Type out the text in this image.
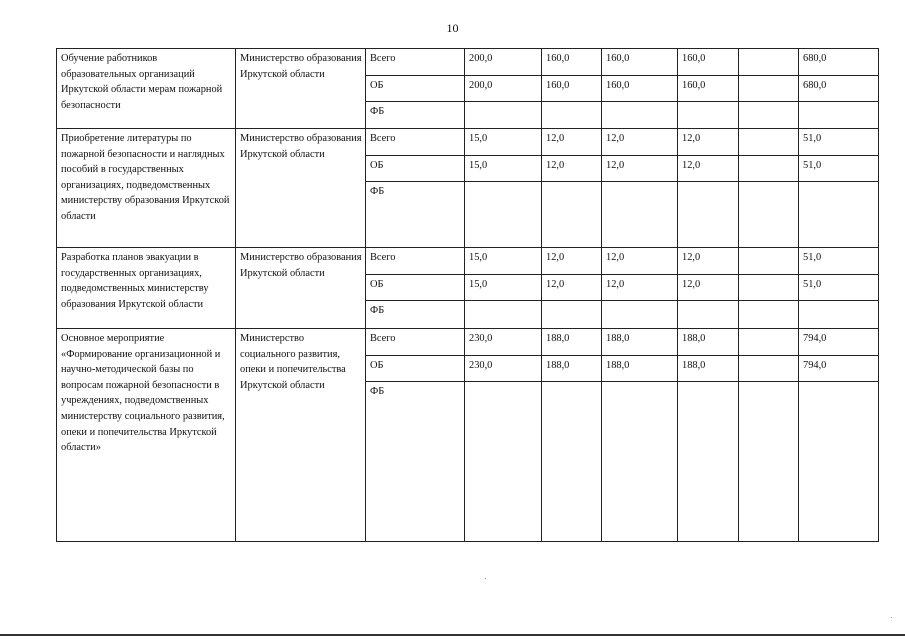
10
Обучение работников образовательных организаций Иркутской области мерам пожарной безопасности	Министерство образования Иркутской области	Всего	200,0	160,0	160,0	160,0		680,0
		ОБ	200,0	160,0	160,0	160,0		680,0
		ФБ						
Приобретение литературы по пожарной безопасности и наглядных пособий в государственных организациях, подведомственных министерству образования Иркутской области	Министерство образования Иркутской области	Всего	15,0	12,0	12,0	12,0		51,0
		ОБ	15,0	12,0	12,0	12,0		51,0
		ФБ						
Разработка планов эвакуации в государственных организациях, подведомственных министерству образования Иркутской области	Министерство образования Иркутской области	Всего	15,0	12,0	12,0	12,0		51,0
		ОБ	15,0	12,0	12,0	12,0		51,0
		ФБ						
Основное мероприятие «Формирование организационной и научно-методической базы по вопросам пожарной безопасности в учреждениях, подведомственных министерству социального развития, опеки и попечительства Иркутской области»	Министерство социального развития, опеки и попечительства Иркутской области	Всего	230,0	188,0	188,0	188,0		794,0
		ОБ	230,0	188,0	188,0	188,0		794,0
		ФБ						
